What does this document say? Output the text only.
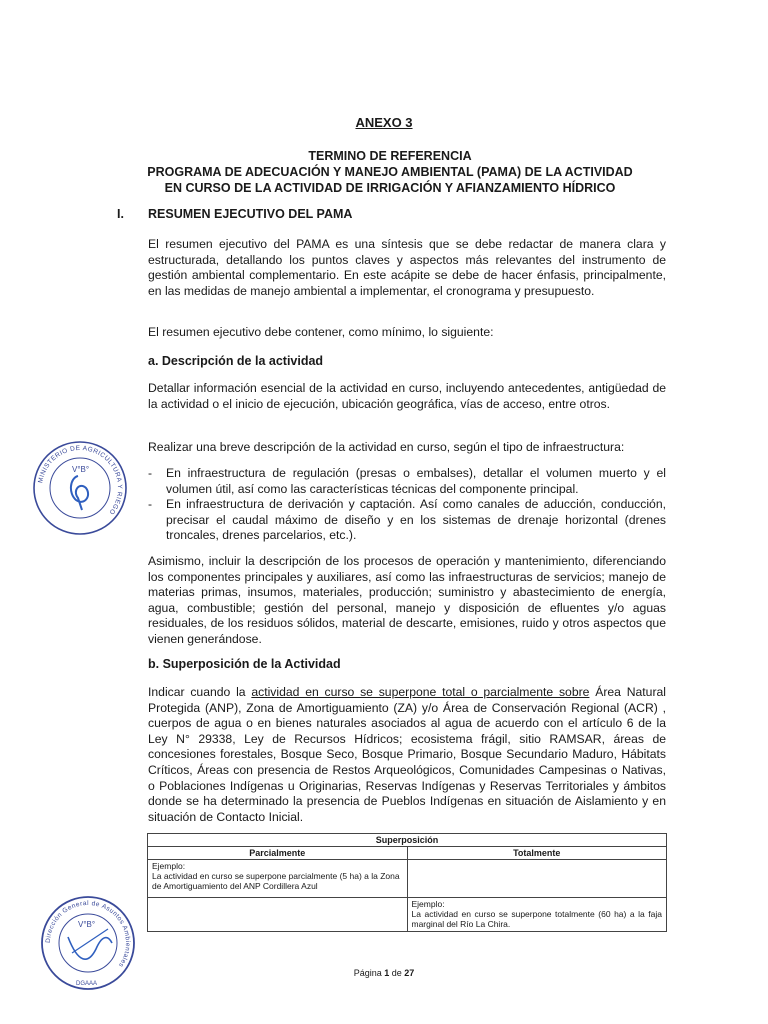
ANEXO 3
TERMINO DE REFERENCIA
PROGRAMA DE ADECUACIÓN Y MANEJO AMBIENTAL (PAMA) DE LA ACTIVIDAD
EN CURSO DE LA ACTIVIDAD DE IRRIGACIÓN Y AFIANZAMIENTO HÍDRICO
I. RESUMEN EJECUTIVO DEL PAMA

El resumen ejecutivo del PAMA es una síntesis que se debe redactar de manera clara y estructurada, detallando los puntos claves y aspectos más relevantes del instrumento de gestión ambiental complementario. En este acápite se debe de hacer énfasis, principalmente, en las medidas de manejo ambiental a implementar, el cronograma y presupuesto.

El resumen ejecutivo debe contener, como mínimo, lo siguiente:

a. Descripción de la actividad

Detallar información esencial de la actividad en curso, incluyendo antecedentes, antigüedad de la actividad o el inicio de ejecución, ubicación geográfica, vías de acceso, entre otros.

Realizar una breve descripción de la actividad en curso, según el tipo de infraestructura:

- En infraestructura de regulación (presas o embalses), detallar el volumen muerto y el volumen útil, así como las características técnicas del componente principal.
- En infraestructura de derivación y captación. Así como canales de aducción, conducción, precisar el caudal máximo de diseño y en los sistemas de drenaje horizontal (drenes troncales, drenes parcelarios, etc.).

Asimismo, incluir la descripción de los procesos de operación y mantenimiento, diferenciando los componentes principales y auxiliares, así como las infraestructuras de servicios; manejo de materias primas, insumos, materiales, producción; suministro y abastecimiento de energía, agua, combustible; gestión del personal, manejo y disposición de efluentes y/o aguas residuales, de los residuos sólidos, material de descarte, emisiones, ruido y otros aspectos que vienen generándose.

b. Superposición de la Actividad

Indicar cuando la actividad en curso se superpone total o parcialmente sobre Área Natural Protegida (ANP), Zona de Amortiguamiento (ZA) y/o Área de Conservación Regional (ACR) , cuerpos de agua o en bienes naturales asociados al agua de acuerdo con el artículo 6 de la Ley N° 29338, Ley de Recursos Hídricos; ecosistema frágil, sitio RAMSAR, áreas de concesiones forestales, Bosque Seco, Bosque Primario, Bosque Secundario Maduro, Hábitats Críticos, Áreas con presencia de Restos Arqueológicos, Comunidades Campesinas o Nativas, o Poblaciones Indígenas u Originarias, Reservas Indígenas y Reservas Territoriales y ámbitos donde se ha determinado la presencia de Pueblos Indígenas en situación de Aislamiento y en situación de Contacto Inicial.

Superposición	
Parcialmente	Totalmente
Ejemplo:
La actividad en curso se superpone parcialmente (5 ha) a la Zona de Amortiguamiento del ANP Cordillera Azul	
	Ejemplo:
La actividad en curso se superpone totalmente (60 ha) a la faja marginal del Río La Chira.
MINISTERIO DE AGRICULTURA Y RIEGO
V°B°
Dirección General de Asuntos Ambientales
V°B°
DGAAA
Página 1 de 27
